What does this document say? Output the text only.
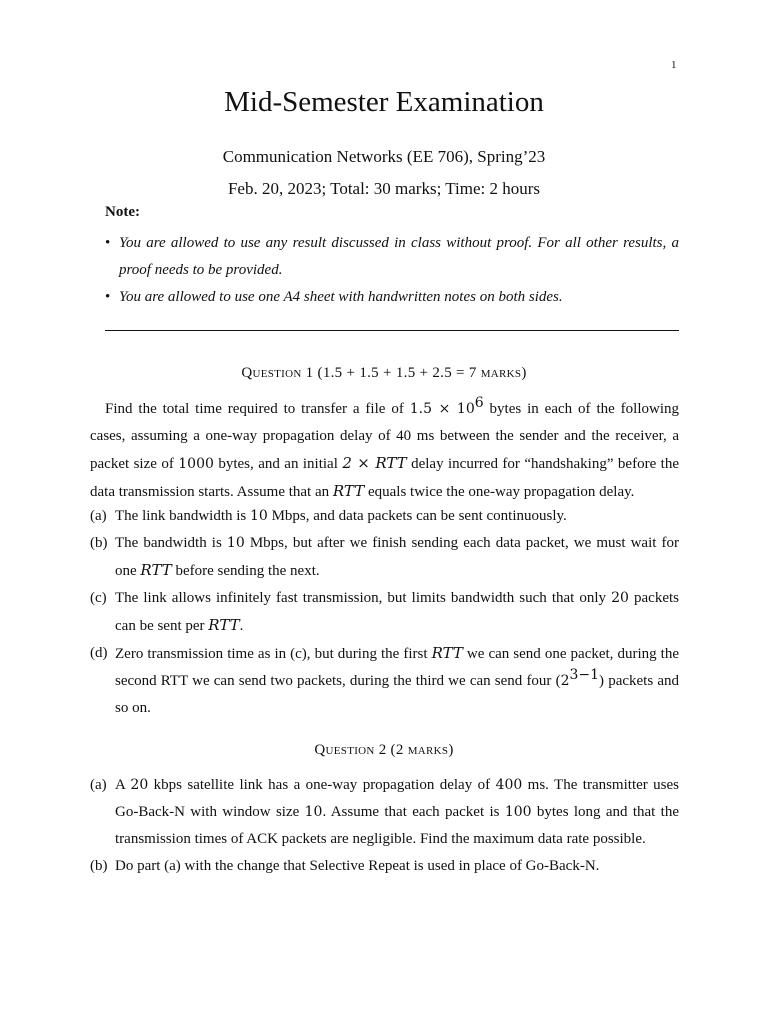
1
Mid-Semester Examination
Communication Networks (EE 706), Spring’23
Feb. 20, 2023; Total: 30 marks; Time: 2 hours
Note:
• You are allowed to use any result discussed in class without proof. For all other results, a proof needs to be provided.
• You are allowed to use one A4 sheet with handwritten notes on both sides.
Question 1 (1.5 + 1.5 + 1.5 + 2.5 = 7 marks)

Find the total time required to transfer a file of $1.5 \times 10^6$ bytes in each of the following cases, assuming a one-way propagation delay of 40 ms between the sender and the receiver, a packet size of 1000 bytes, and an initial 2 × RTT delay incurred for “handshaking” before the data transmission starts. Assume that an RTT equals twice the one-way propagation delay.

(a) The link bandwidth is 10 Mbps, and data packets can be sent continuously.
(b) The bandwidth is 10 Mbps, but after we finish sending each data packet, we must wait for one RTT before sending the next.
(c) The link allows infinitely fast transmission, but limits bandwidth such that only 20 packets can be sent per RTT.
(d) Zero transmission time as in (c), but during the first RTT we can send one packet, during the second RTT we can send two packets, during the third we can send four $(2^{3-1})$ packets and so on.
Question 2 (2 marks)
(a) A 20 kbps satellite link has a one-way propagation delay of 400 ms. The transmitter uses Go-Back-N with window size 10. Assume that each packet is 100 bytes long and that the transmission times of ACK packets are negligible. Find the maximum data rate possible.
(b) Do part (a) with the change that Selective Repeat is used in place of Go-Back-N.
